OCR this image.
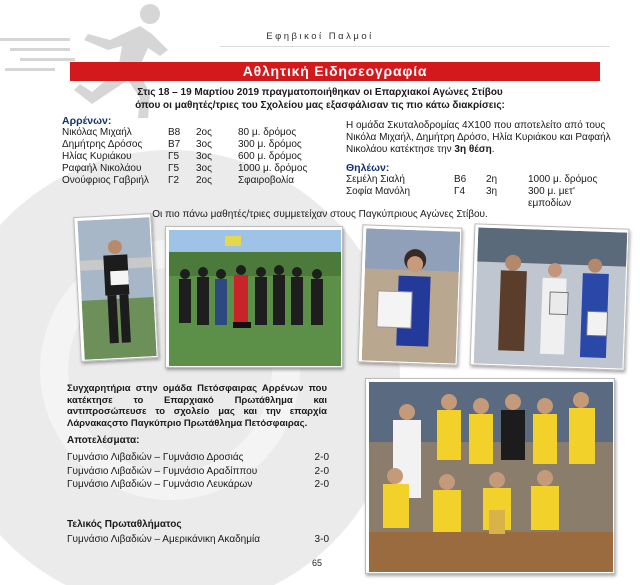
Εφηβικοί Παλμοί
Αθλητική Ειδησεογραφία
Στις 18 – 19 Μαρτίου 2019 πραγματοποιήθηκαν οι Επαρχιακοί Αγώνες Στίβου
όπου οι μαθητές/τριες του Σχολείου μας εξασφάλισαν τις πιο κάτω διακρίσεις:
Αρρένων:
Νικόλας Μιχαήλ	Β8	2ος	80 μ. δρόμος
Δημήτρης Δρόσος	Β7	3ος	300 μ. δρόμος
Ηλίας Κυριάκου	Γ5	3ος	600 μ. δρόμος
Ραφαήλ Νικολάου	Γ5	3ος	1000 μ. δρόμος
Ονούφριος Γαβριήλ	Γ2	2ος	Σφαιροβολία
Η ομάδα Σκυταλοδρομίας 4Χ100 που αποτελείτο από τους Νικόλα Μιχαήλ, Δημήτρη Δρόσο, Ηλία Κυριάκου και Ραφαήλ Νικολάου κατέκτησε την 3η θέση.
Θηλέων:
Σεμέλη Σιαλή	Β6	2η	1000 μ. δρόμος
Σοφία Μανόλη	Γ4	3η	300 μ. μετ' εμποδίων
Οι πιο πάνω μαθητές/τριες συμμετείχαν στους Παγκύπριους Αγώνες Στίβου.
Συγχαρητήρια στην ομάδα Πετόσφαιρας Αρρένων που κατέκτησε το Επαρχιακό Πρωτάθλημα και αντιπροσώπευσε το σχολείο μας και την επαρχία Λάρνακαςστο Παγκύπριο Πρωτάθλημα Πετόσφαιρας.
Αποτελέσματα:
Γυμνάσιο Λιβαδιών – Γυμνάσιο Δροσιάς	2-0
Γυμνάσιο Λιβαδιών – Γυμνάσιο Αραδίππου	2-0
Γυμνάσιο Λιβαδιών – Γυμνάσιο Λευκάρων	2-0
Τελικός Πρωταθλήματος
Γυμνάσιο Λιβαδιών – Αμερικάνικη Ακαδημία	3-0
65
